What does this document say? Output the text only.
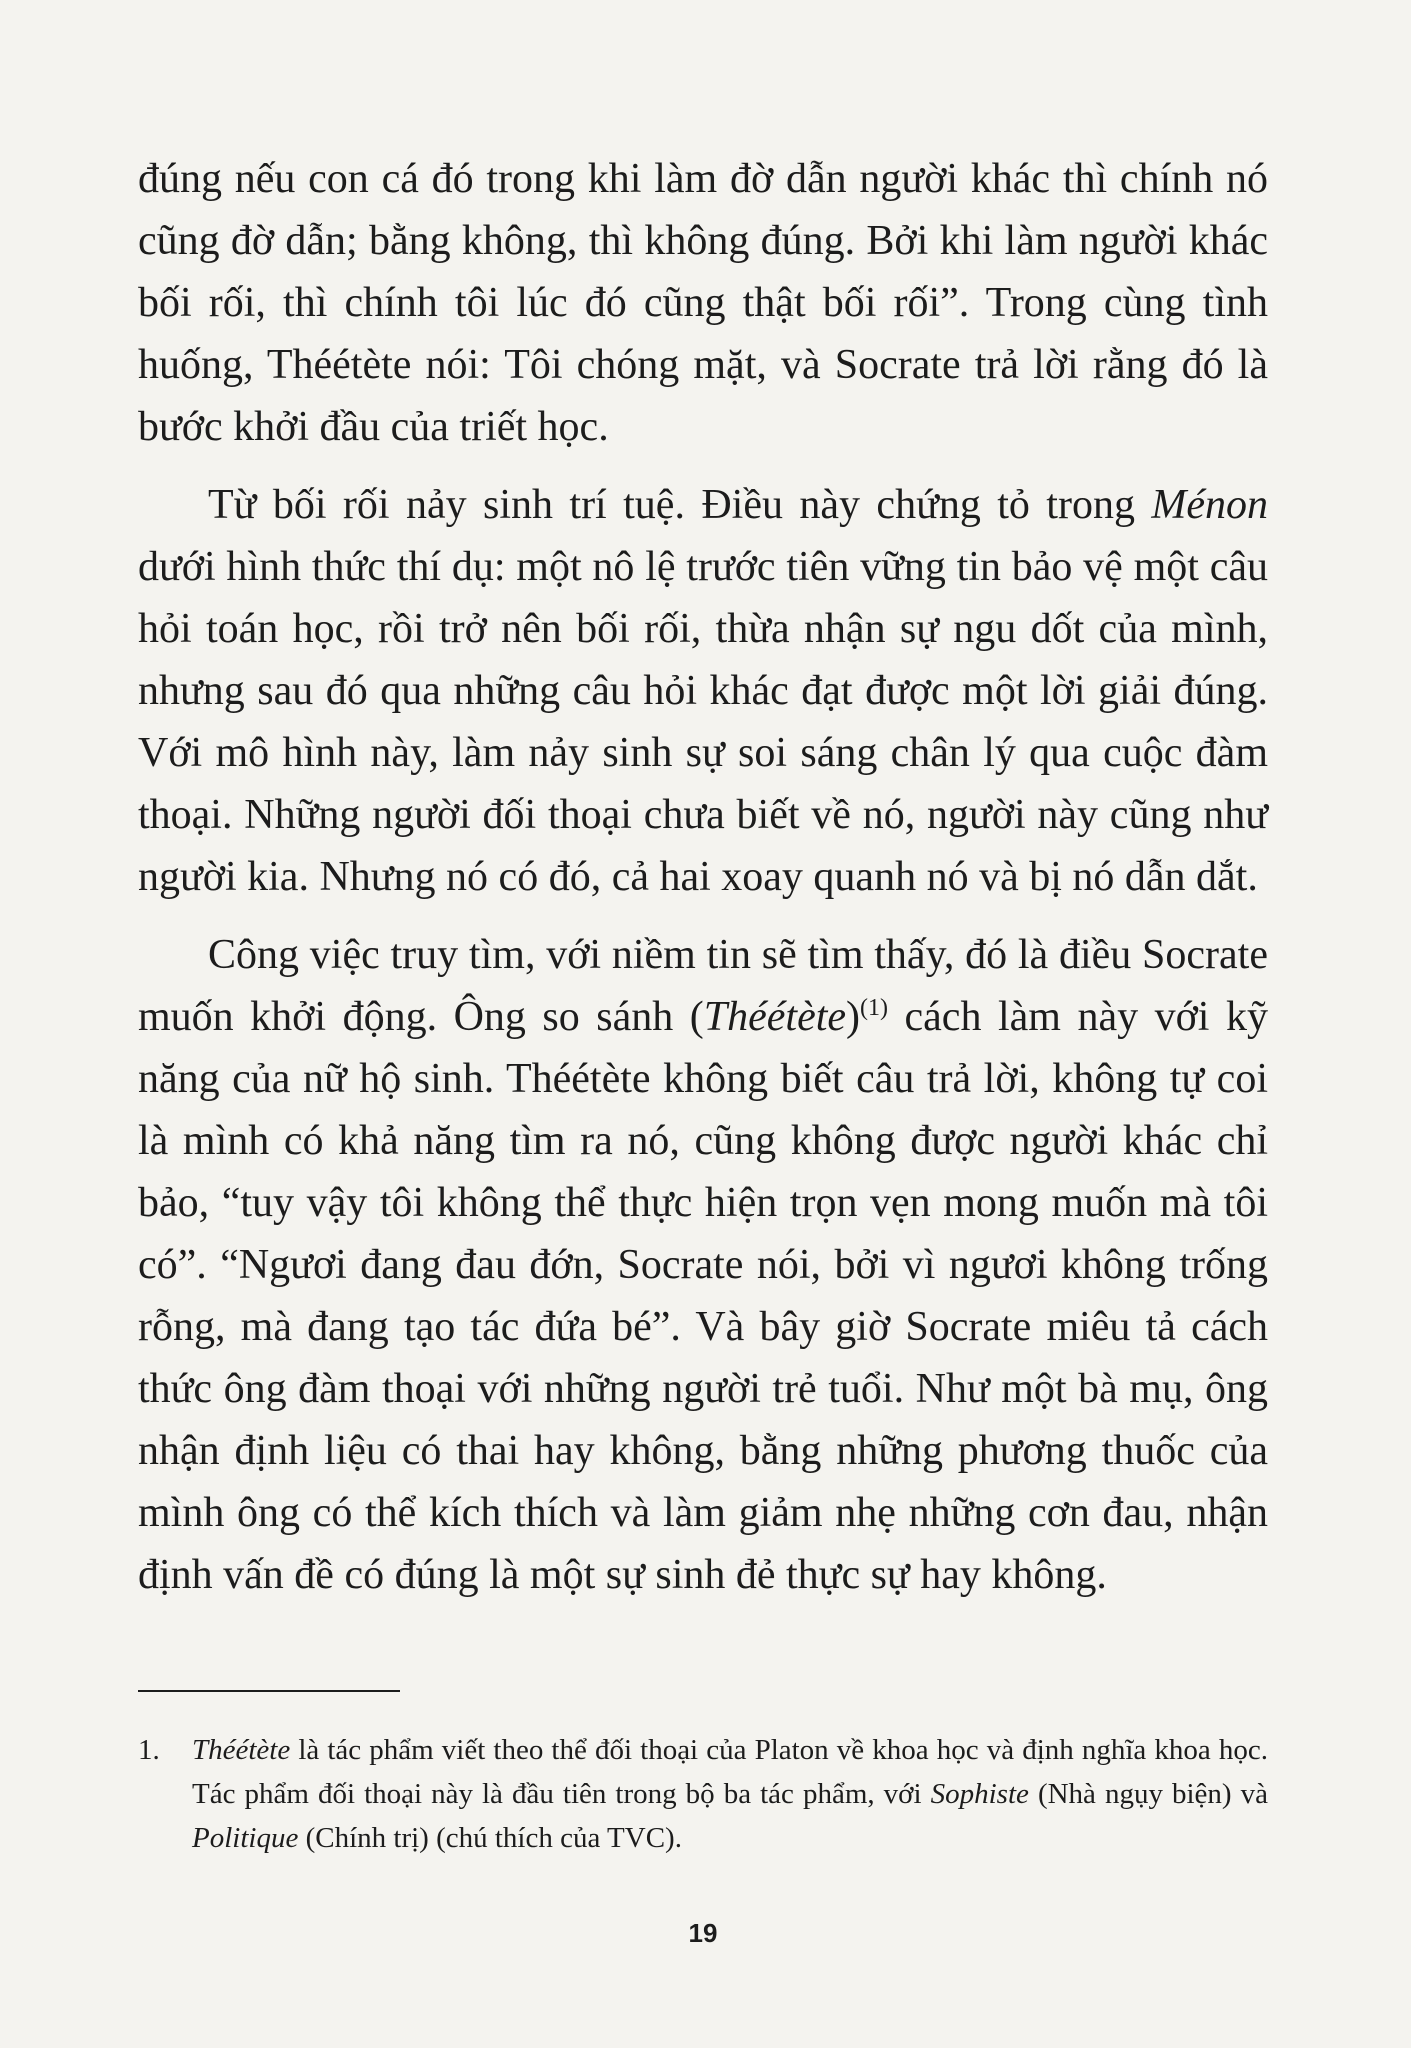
đúng nếu con cá đó trong khi làm đờ dẫn người khác thì chính nó cũng đờ dẫn; bằng không, thì không đúng. Bởi khi làm người khác bối rối, thì chính tôi lúc đó cũng thật bối rối”. Trong cùng tình huống, Théétète nói: Tôi chóng mặt, và Socrate trả lời rằng đó là bước khởi đầu của triết học.

Từ bối rối nảy sinh trí tuệ. Điều này chứng tỏ trong Ménon dưới hình thức thí dụ: một nô lệ trước tiên vững tin bảo vệ một câu hỏi toán học, rồi trở nên bối rối, thừa nhận sự ngu dốt của mình, nhưng sau đó qua những câu hỏi khác đạt được một lời giải đúng. Với mô hình này, làm nảy sinh sự soi sáng chân lý qua cuộc đàm thoại. Những người đối thoại chưa biết về nó, người này cũng như người kia. Nhưng nó có đó, cả hai xoay quanh nó và bị nó dẫn dắt.

Công việc truy tìm, với niềm tin sẽ tìm thấy, đó là điều Socrate muốn khởi động. Ông so sánh (Théétète)$^{(1)}$ cách làm này với kỹ năng của nữ hộ sinh. Théétète không biết câu trả lời, không tự coi là mình có khả năng tìm ra nó, cũng không được người khác chỉ bảo, “tuy vậy tôi không thể thực hiện trọn vẹn mong muốn mà tôi có”. “Ngươi đang đau đớn, Socrate nói, bởi vì ngươi không trống rỗng, mà đang tạo tác đứa bé”. Và bây giờ Socrate miêu tả cách thức ông đàm thoại với những người trẻ tuổi. Như một bà mụ, ông nhận định liệu có thai hay không, bằng những phương thuốc của mình ông có thể kích thích và làm giảm nhẹ những cơn đau, nhận định vấn đề có đúng là một sự sinh đẻ thực sự hay không.

1.	Théétète là tác phẩm viết theo thể đối thoại của Platon về khoa học và định nghĩa khoa học. Tác phẩm đối thoại này là đầu tiên trong bộ ba tác phẩm, với Sophiste (Nhà ngụy biện) và Politique (Chính trị) (chú thích của TVC).
19
